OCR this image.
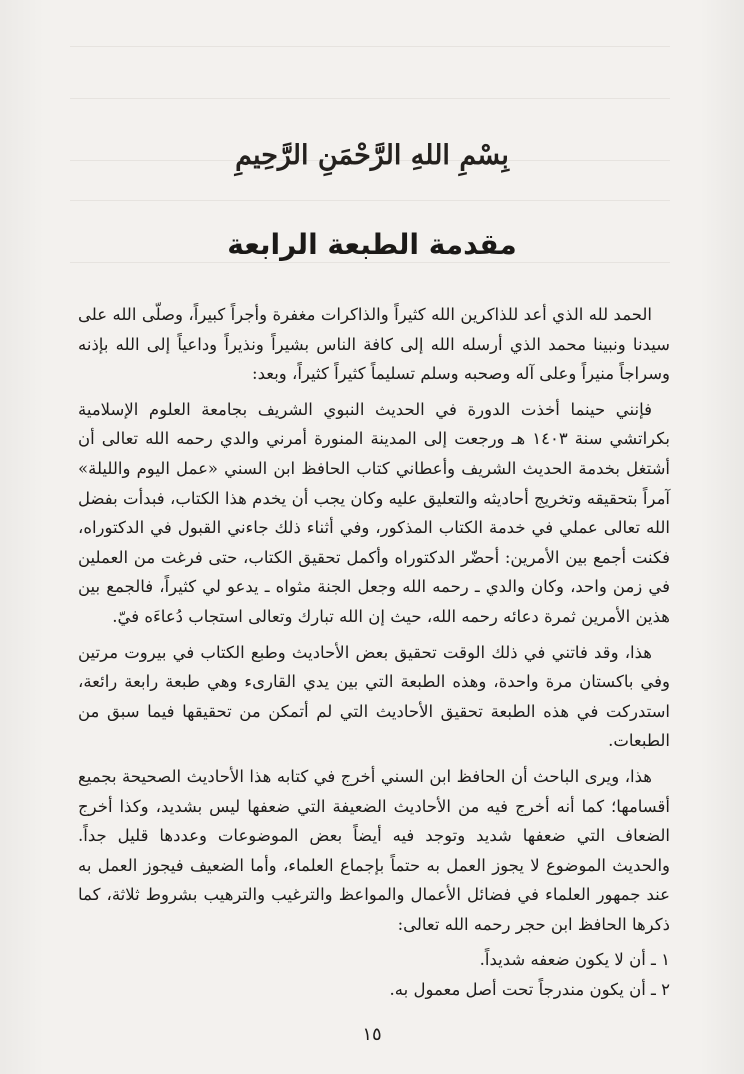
بِسْمِ اللهِ الرَّحْمَنِ الرَّحِيمِ
مقدمة الطبعة الرابعة

الحمد لله الذي أعد للذاكرين الله كثيراً والذاكرات مغفرة وأجراً كبيراً، وصلّى الله على سيدنا ونبينا محمد الذي أرسله الله إلى كافة الناس بشيراً ونذيراً وداعياً إلى الله بإذنه وسراجاً منيراً وعلى آله وصحبه وسلم تسليماً كثيراً كثيراً، وبعد:

فإنني حينما أخذت الدورة في الحديث النبوي الشريف بجامعة العلوم الإسلامية بكراتشي سنة ١٤٠٣ هـ ورجعت إلى المدينة المنورة أمرني والدي رحمه الله تعالى أن أشتغل بخدمة الحديث الشريف وأعطاني كتاب الحافظ ابن السني «عمل اليوم والليلة» آمراً بتحقيقه وتخريج أحاديثه والتعليق عليه وكان يجب أن يخدم هذا الكتاب، فبدأت بفضل الله تعالى عملي في خدمة الكتاب المذكور، وفي أثناء ذلك جاءني القبول في الدكتوراه، فكنت أجمع بين الأمرين: أحضّر الدكتوراه وأكمل تحقيق الكتاب، حتى فرغت من العملين في زمن واحد، وكان والدي ـ رحمه الله وجعل الجنة مثواه ـ يدعو لي كثيراً، فالجمع بين هذين الأمرين ثمرة دعائه رحمه الله، حيث إن الله تبارك وتعالى استجاب دُعاءَه فيّ.

هذا، وقد فاتني في ذلك الوقت تحقيق بعض الأحاديث وطبع الكتاب في بيروت مرتين وفي باكستان مرة واحدة، وهذه الطبعة التي بين يدي القارىء وهي طبعة رابعة رائعة، استدركت في هذه الطبعة تحقيق الأحاديث التي لم أتمكن من تحقيقها فيما سبق من الطبعات.

هذا، ويرى الباحث أن الحافظ ابن السني أخرج في كتابه هذا الأحاديث الصحيحة بجميع أقسامها؛ كما أنه أخرج فيه من الأحاديث الضعيفة التي ضعفها ليس بشديد، وكذا أخرج الضعاف التي ضعفها شديد وتوجد فيه أيضاً بعض الموضوعات وعددها قليل جداً. والحديث الموضوع لا يجوز العمل به حتماً بإجماع العلماء، وأما الضعيف فيجوز العمل به عند جمهور العلماء في فضائل الأعمال والمواعظ والترغيب والترهيب بشروط ثلاثة، كما ذكرها الحافظ ابن حجر رحمه الله تعالى:

١ ـ أن لا يكون ضعفه شديداً.

٢ ـ أن يكون مندرجاً تحت أصل معمول به.

١٥
